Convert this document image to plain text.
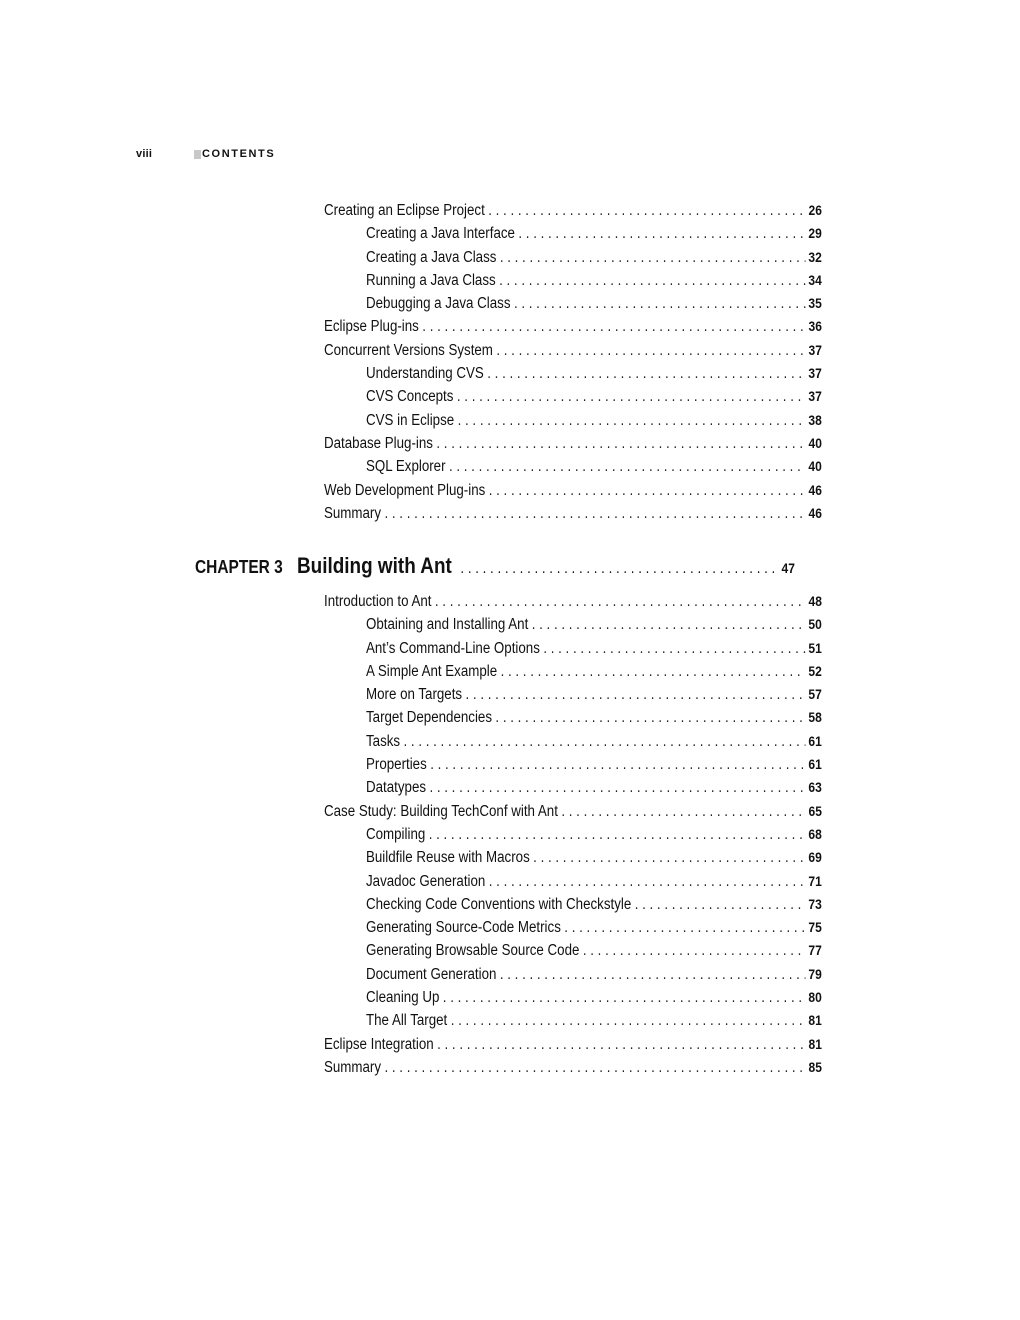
viii	CONTENTS
Creating an Eclipse Project . . .	26
Creating a Java Interface . . .	29
Creating a Java Class . . .	32
Running a Java Class . . .	34
Debugging a Java Class . . .	35
Eclipse Plug-ins . . .	36
Concurrent Versions System . . .	37
Understanding CVS . . .	37
CVS Concepts . . .	37
CVS in Eclipse . . .	38
Database Plug-ins . . .	40
SQL Explorer . . .	40
Web Development Plug-ins . . .	46
Summary . . .	46
CHAPTER 3 Building with Ant . . .	47
Introduction to Ant . . .	48
Obtaining and Installing Ant . . .	50
Ant’s Command-Line Options . . .	51
A Simple Ant Example . . .	52
More on Targets . . .	57
Target Dependencies . . .	58
Tasks . . .	61
Properties . . .	61
Datatypes . . .	63
Case Study: Building TechConf with Ant . . .	65
Compiling . . .	68
Buildfile Reuse with Macros . . .	69
Javadoc Generation . . .	71
Checking Code Conventions with Checkstyle . . .	73
Generating Source-Code Metrics . . .	75
Generating Browsable Source Code . . .	77
Document Generation . . .	79
Cleaning Up . . .	80
The All Target . . .	81
Eclipse Integration . . .	81
Summary . . .	85
